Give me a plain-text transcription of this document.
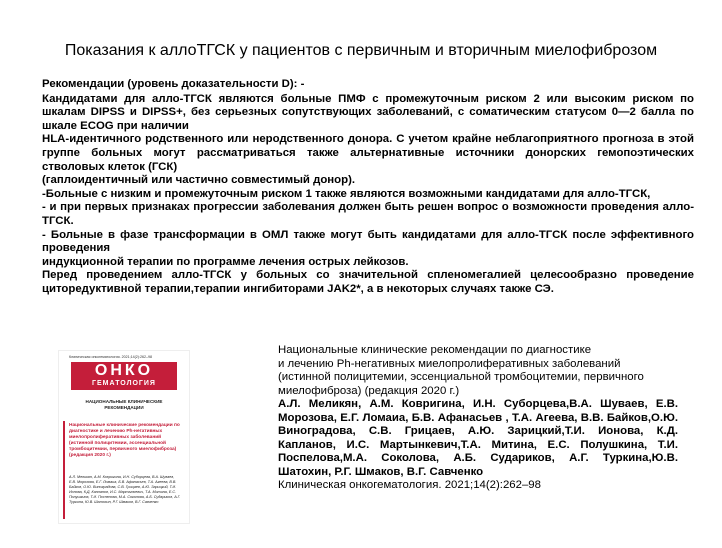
Показания к аллоТГСК у пациентов с первичным и вторичным миелофиброзом

Рекомендации (уровень доказательности D): -

Кандидатами для алло-ТГСК являются больные ПМФ с промежуточным риском 2 или высоким риском по шкалам DIPSS и DIPSS+, без серьезных сопутствующих заболеваний, с соматическим статусом 0—2 балла по шкале ECOG при наличии

HLA-идентичного родственного или неродственного донора. С учетом крайне неблагоприятного прогноза в этой группе больных могут рассматриваться также альтернативные источники донорских гемопоэтических стволовых клеток (ГСК)

(гаплоидентичный или частично совместимый донор).

-Больные с низким и промежуточным риском 1 также являются возможными кандидатами для алло-ТГСК,

- и при первых признаках прогрессии заболевания должен быть решен вопрос о возможности проведения алло-ТГСК.

- Больные в фазе трансформации в ОМЛ также могут быть кандидатами для алло-ТГСК после эффективного проведения

индукционной терапии по программе лечения острых лейкозов.

Перед проведением алло-ТГСК у больных со значительной спленомегалией целесообразно проведение циторедуктивной терапии,терапии ингибиторами JAK2*, а в некоторых случаях также СЭ.

Клиническая онкогематология. 2021;14(2):262–98
ОНКО
ГЕМАТОЛОГИЯ
НАЦИОНАЛЬНЫЕ КЛИНИЧЕСКИЕ РЕКОМЕНДАЦИИ
Национальные клинические рекомендации по диагностике и лечению Ph-негативных миелопролиферативных заболеваний (истинной полицитемии, эссенциальной тромбоцитемии, первичного миелофиброза) (редакция 2020 г.)
А.Л. Меликян, А.М. Ковригина, И.Н. Суборцева, В.А. Шуваев, Е.В. Морозова, Е.Г. Ломаиа, Б.В. Афанасьев, Т.А. Агеева, В.В. Байков, О.Ю. Виноградова, С.В. Грицаев, А.Ю. Зарицкий, Т.И. Ионова, К.Д. Капланов, И.С. Мартынкевич, Т.А. Митина, Е.С. Полушкина, Т.И. Поспелова, М.А. Соколова, А.Б. Судариков, А.Г. Туркина, Ю.В. Шатохин, Р.Г. Шмаков, В.Г. Савченко

Национальные клинические рекомендации по диагностике

и лечению Ph-негативных миелопролиферативных заболеваний

(истинной полицитемии, эссенциальной тромбоцитемии, первичного

миелофиброза) (редакция 2020 г.)

А.Л. Меликян, А.М. Ковригина, И.Н. Суборцева,В.А. Шуваев, Е.В. Морозова, Е.Г. Ломаиа, Б.В. Афанасьев , Т.А. Агеева, В.В. Байков,О.Ю. Виноградова, С.В. Грицаев, А.Ю. Зарицкий,Т.И. Ионова, К.Д. Капланов, И.С. Мартынкевич,Т.А. Митина, Е.С. Полушкина, Т.И. Поспелова,М.А. Соколова, А.Б. Судариков, А.Г. Туркина,Ю.В. Шатохин, Р.Г. Шмаков, В.Г. Савченко

Клиническая онкогематология. 2021;14(2):262–98
